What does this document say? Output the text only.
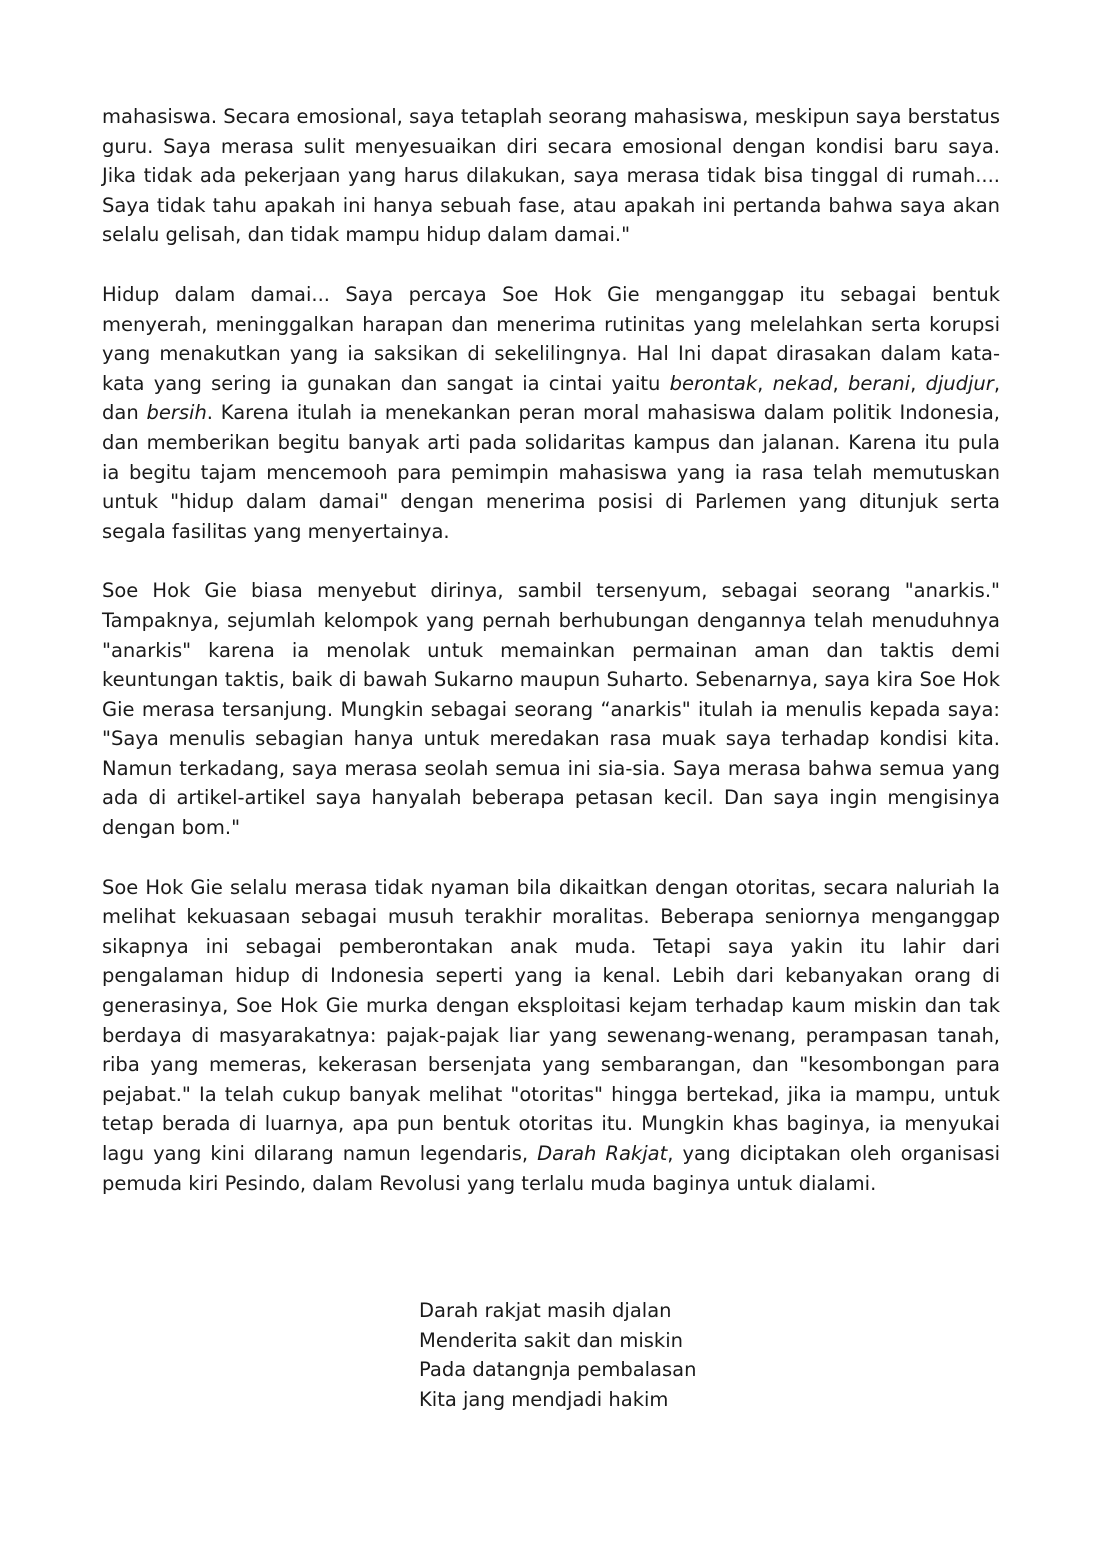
mahasiswa. Secara emosional, saya tetaplah seorang mahasiswa, meskipun saya berstatus guru. Saya merasa sulit menyesuaikan diri secara emosional dengan kondisi baru saya. Jika tidak ada pekerjaan yang harus dilakukan, saya merasa tidak bisa tinggal di rumah.... Saya tidak tahu apakah ini hanya sebuah fase, atau apakah ini pertanda bahwa saya akan selalu gelisah, dan tidak mampu hidup dalam damai."

Hidup dalam damai... Saya percaya Soe Hok Gie menganggap itu sebagai bentuk menyerah, meninggalkan harapan dan menerima rutinitas yang melelahkan serta korupsi yang menakutkan yang ia saksikan di sekelilingnya. Hal Ini dapat dirasakan dalam kata-kata yang sering ia gunakan dan sangat ia cintai yaitu berontak, nekad, berani, djudjur, dan bersih. Karena itulah ia menekankan peran moral mahasiswa dalam politik Indonesia, dan memberikan begitu banyak arti pada solidaritas kampus dan jalanan. Karena itu pula ia begitu tajam mencemooh para pemimpin mahasiswa yang ia rasa telah memutuskan untuk "hidup dalam damai" dengan menerima posisi di Parlemen yang ditunjuk serta segala fasilitas yang menyertainya.

Soe Hok Gie biasa menyebut dirinya, sambil tersenyum, sebagai seorang "anarkis." Tampaknya, sejumlah kelompok yang pernah berhubungan dengannya telah menuduhnya "anarkis" karena ia menolak untuk memainkan permainan aman dan taktis demi keuntungan taktis, baik di bawah Sukarno maupun Suharto. Sebenarnya, saya kira Soe Hok Gie merasa tersanjung. Mungkin sebagai seorang “anarkis" itulah ia menulis kepada saya: "Saya menulis sebagian hanya untuk meredakan rasa muak saya terhadap kondisi kita. Namun terkadang, saya merasa seolah semua ini sia-sia. Saya merasa bahwa semua yang ada di artikel-artikel saya hanyalah beberapa petasan kecil. Dan saya ingin mengisinya dengan bom."

Soe Hok Gie selalu merasa tidak nyaman bila dikaitkan dengan otoritas, secara naluriah Ia melihat kekuasaan sebagai musuh terakhir moralitas. Beberapa seniornya menganggap sikapnya ini sebagai pemberontakan anak muda. Tetapi saya yakin itu lahir dari pengalaman hidup di Indonesia seperti yang ia kenal. Lebih dari kebanyakan orang di generasinya, Soe Hok Gie murka dengan eksploitasi kejam terhadap kaum miskin dan tak berdaya di masyarakatnya: pajak-pajak liar yang sewenang-wenang, perampasan tanah, riba yang memeras, kekerasan bersenjata yang sembarangan, dan "kesombongan para pejabat." Ia telah cukup banyak melihat "otoritas" hingga bertekad, jika ia mampu, untuk tetap berada di luarnya, apa pun bentuk otoritas itu. Mungkin khas baginya, ia menyukai lagu yang kini dilarang namun legendaris, Darah Rakjat, yang diciptakan oleh organisasi pemuda kiri Pesindo, dalam Revolusi yang terlalu muda baginya untuk dialami.

Darah rakjat masih djalan
Menderita sakit dan miskin
Pada datangnja pembalasan
Kita jang mendjadi hakim
